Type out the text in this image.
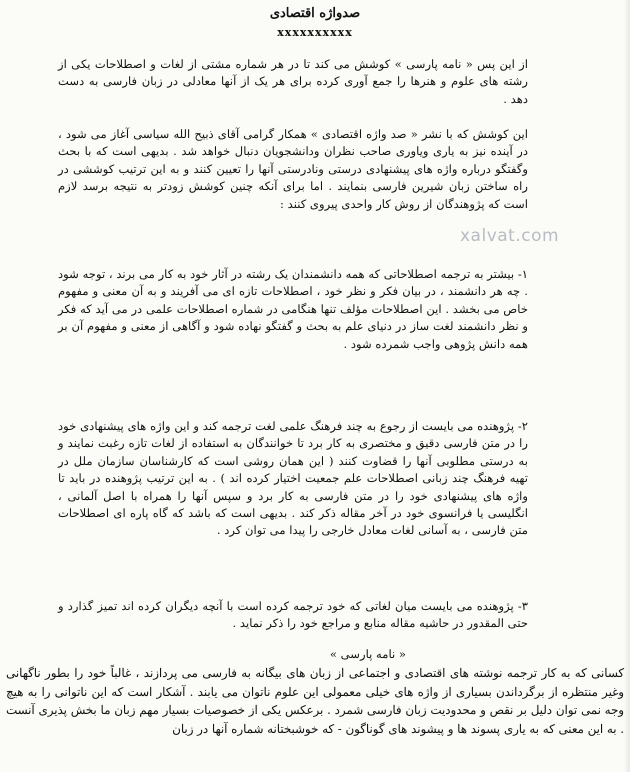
صدواژه اقتصادی
xxxxxxxxxx

از این پس « نامه پارسی » کوشش می کند تا در هر شماره مشتی از لغات و اصطلاحات یکی از رشته های علوم و هنرها را جمع آوری کرده برای هر یک از آنها معادلی در زبان فارسی به دست دهد .

این کوشش که با نشر « صد واژه اقتصادی » همکار گرامی آقای ذبیح الله سیاسی آغاز می شود ، در آینده نیز به یاری ویاوری صاحب نظران ودانشجویان دنبال خواهد شد . بدیهی است که با بحث وگفتگو درباره واژه های پیشنهادی درستی ونادرستی آنها را تعیین کنند و به این ترتیب کوششی در راه ساختن زبان شیرین فارسی بنمایند . اما برای آنکه چنین کوشش زودتر به نتیجه برسد لازم است که پژوهندگان از روش کار واحدی پیروی کنند :

۱- بیشتر به ترجمه اصطلاحاتی که همه دانشمندان یک رشته در آثار خود به کار می برند ، توجه شود . چه هر دانشمند ، در بیان فکر و نظر خود ، اصطلاحات تازه ای می آفریند و به آن معنی و مفهوم خاص می بخشد . این اصطلاحات مؤلف تنها هنگامی در شماره اصطلاحات علمی در می آید که فکر و نظر دانشمند لغت ساز در دنیای علم به بحث و گفتگو نهاده شود و آگاهی از معنی و مفهوم آن بر همه دانش پژوهی واجب شمرده شود .

۲- پژوهنده می بایست از رجوع به چند فرهنگ علمی لغت ترجمه کند و این واژه های پیشنهادی خود را در متن فارسی دقیق و مختصری به کار برد تا خوانندگان به استفاده از لغات تازه رغبت نمایند و به درستی مطلوبی آنها را قضاوت کنند ( این همان روشی است که کارشناسان سازمان ملل در تهیه فرهنگ چند زبانی اصطلاحات علم جمعیت اختیار کرده اند ) . به این ترتیب پژوهنده در باید تا واژه های پیشنهادی خود را در متن فارسی به کار برد و سپس آنها را همراه با اصل آلمانی ، انگلیسی یا فرانسوی خود در آخر مقاله ذکر کند . بدیهی است که باشد که گاه پاره ای اصطلاحات متن فارسی ، به آسانی لغات معادل خارجی را پیدا می توان کرد .

۳- پژوهنده می بایست میان لغاتی که خود ترجمه کرده است با آنچه دیگران کرده اند تمیز گذارد و حتی المقدور در حاشیه مقاله منابع و مراجع خود را ذکر نماید .

« نامه پارسی »

کسانی که به کار ترجمه نوشته های اقتصادی و اجتماعی از زبان های بیگانه به فارسی می پردازند ، غالباً خود را بطور ناگهانی وغیر منتظره از برگرداندن بسیاری از واژه های خیلی معمولی این علوم ناتوان می یابند . آشکار است که این ناتوانی را به هیچ وجه نمی توان دلیل بر نقص و محدودیت زبان فارسی شمرد . برعکس یکی از خصوصیات بسیار مهم زبان ما بخش پذیری آنست . به این معنی که به یاری پسوند ها و پیشوند های گوناگون - که خوشبختانه شماره آنها در زبان

xalvat.com
